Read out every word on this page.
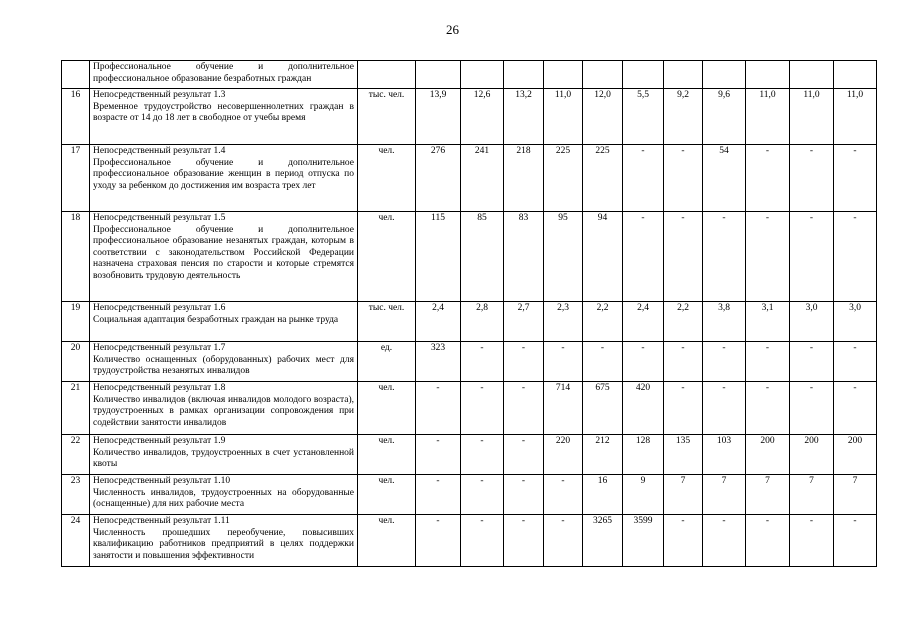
26
	Профессиональное обучение и дополнительное профессиональное образование безработных граждан												
16	Непосредственный результат 1.3
Временное трудоустройство несовершеннолетних граждан в возрасте от 14 до 18 лет в свободное от учебы время	тыс. чел.	13,9	12,6	13,2	11,0	12,0	5,5	9,2	9,6	11,0	11,0	11,0
17	Непосредственный результат 1.4
Профессиональное обучение и дополнительное профессиональное образование женщин в период отпуска по уходу за ребенком до достижения им возраста трех лет	чел.	276	241	218	225	225	-	-	54	-	-	-
18	Непосредственный результат 1.5
Профессиональное обучение и дополнительное профессиональное образование незанятых граждан, которым в соответствии с законодательством Российской Федерации назначена страховая пенсия по старости и которые стремятся возобновить трудовую деятельность	чел.	115	85	83	95	94	-	-	-	-	-	-
19	Непосредственный результат 1.6
Социальная адаптация безработных граждан на рынке труда	тыс. чел.	2,4	2,8	2,7	2,3	2,2	2,4	2,2	3,8	3,1	3,0	3,0
20	Непосредственный результат 1.7
Количество оснащенных (оборудованных) рабочих мест для трудоустройства незанятых инвалидов	ед.	323	-	-	-	-	-	-	-	-	-	-
21	Непосредственный результат 1.8
Количество инвалидов (включая инвалидов молодого возраста), трудоустроенных в рамках организации сопровождения при содействии занятости инвалидов	чел.	-	-	-	714	675	420	-	-	-	-	-
22	Непосредственный результат 1.9
Количество инвалидов, трудоустроенных в счет установленной квоты	чел.	-	-	-	220	212	128	135	103	200	200	200
23	Непосредственный результат 1.10
Численность инвалидов, трудоустроенных на оборудованные (оснащенные) для них рабочие места	чел.	-	-	-	-	16	9	7	7	7	7	7
24	Непосредственный результат 1.11
Численность прошедших переобучение, повысивших квалификацию работников предприятий в целях поддержки занятости и повышения эффективности	чел.	-	-	-	-	3265	3599	-	-	-	-	-
